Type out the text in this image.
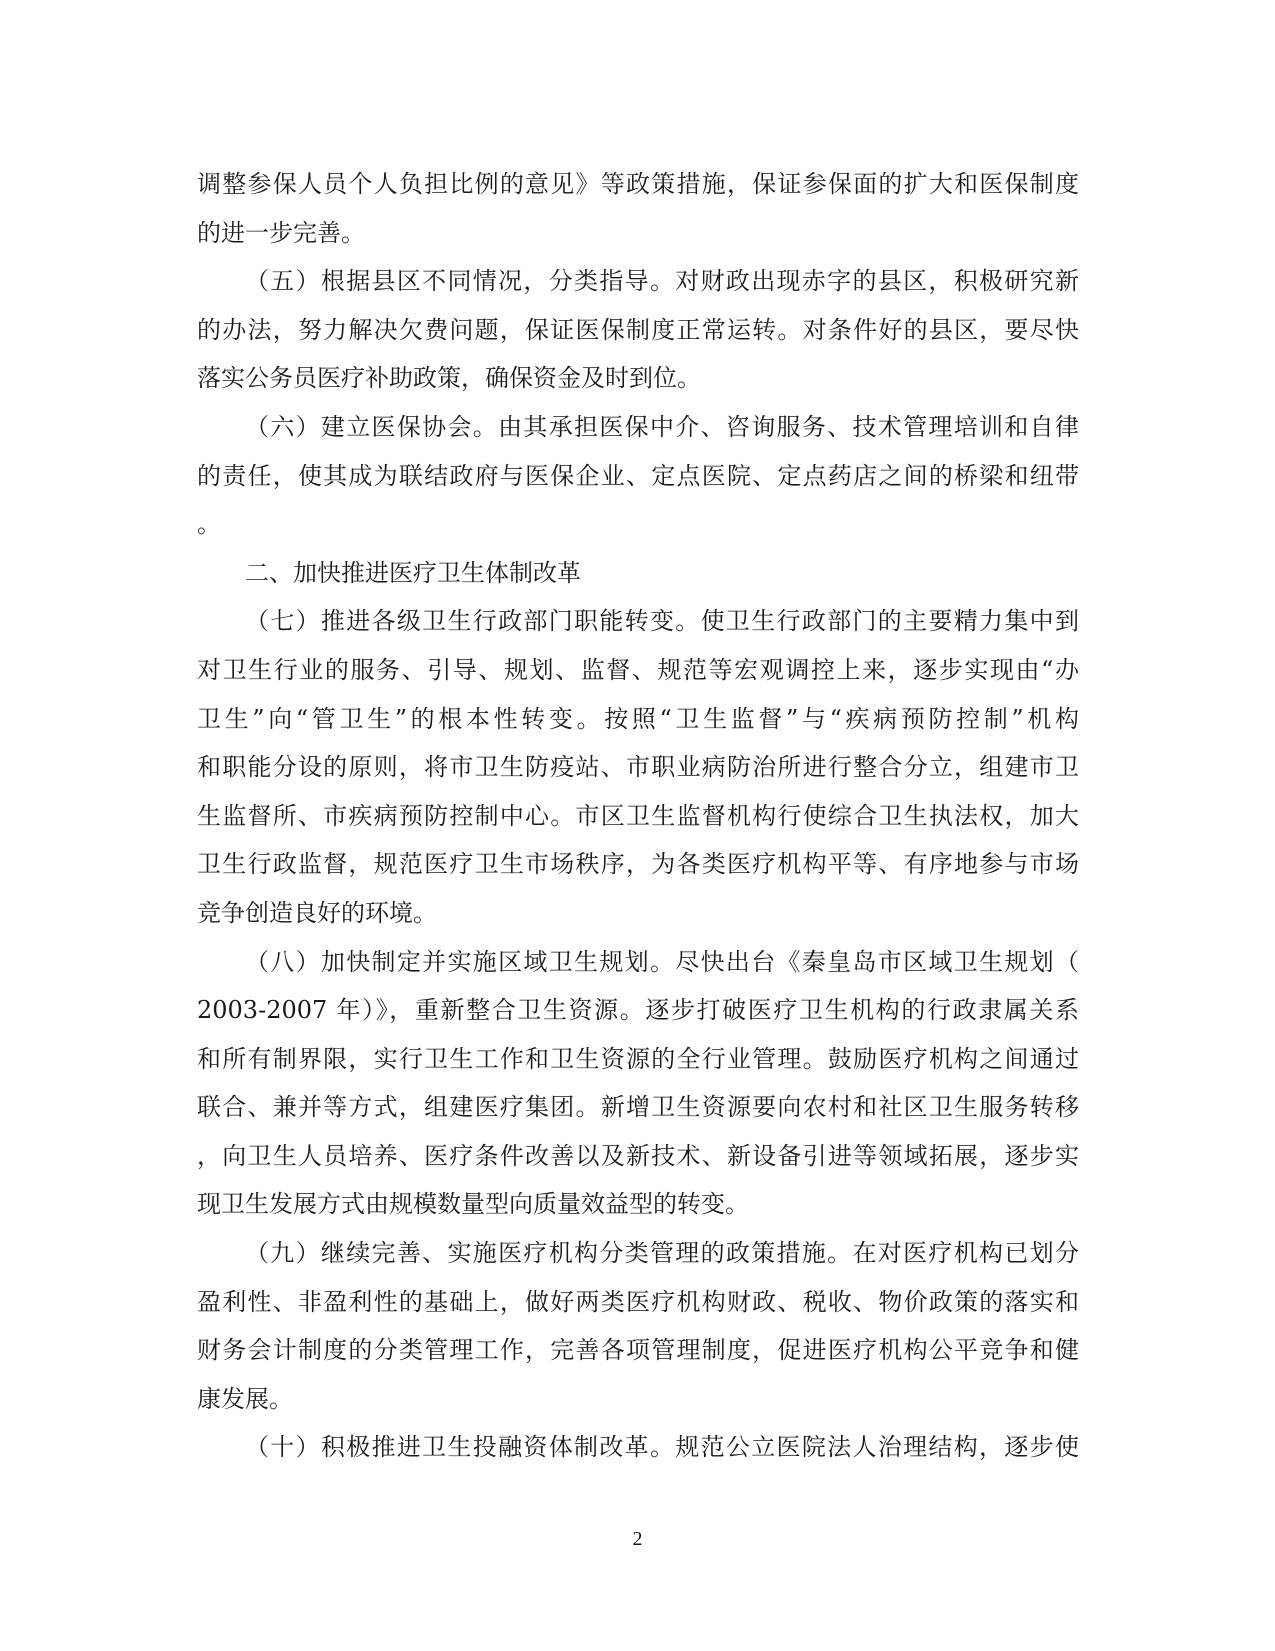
调整参保人员个人负担比例的意见》等政策措施，保证参保面的扩大和医保制度
的进一步完善。
（五）根据县区不同情况，分类指导。对财政出现赤字的县区，积极研究新
的办法，努力解决欠费问题，保证医保制度正常运转。对条件好的县区，要尽快
落实公务员医疗补助政策，确保资金及时到位。
（六）建立医保协会。由其承担医保中介、咨询服务、技术管理培训和自律
的责任，使其成为联结政府与医保企业、定点医院、定点药店之间的桥梁和纽带
。
二、加快推进医疗卫生体制改革
（七）推进各级卫生行政部门职能转变。使卫生行政部门的主要精力集中到
对卫生行业的服务、引导、规划、监督、规范等宏观调控上来，逐步实现由“办
卫生”向“管卫生”的根本性转变。按照“卫生监督”与“疾病预防控制”机构
和职能分设的原则，将市卫生防疫站、市职业病防治所进行整合分立，组建市卫
生监督所、市疾病预防控制中心。市区卫生监督机构行使综合卫生执法权，加大
卫生行政监督，规范医疗卫生市场秩序，为各类医疗机构平等、有序地参与市场
竞争创造良好的环境。
（八）加快制定并实施区域卫生规划。尽快出台《秦皇岛市区域卫生规划（
2003-2007 年）》，重新整合卫生资源。逐步打破医疗卫生机构的行政隶属关系
和所有制界限，实行卫生工作和卫生资源的全行业管理。鼓励医疗机构之间通过
联合、兼并等方式，组建医疗集团。新增卫生资源要向农村和社区卫生服务转移
，向卫生人员培养、医疗条件改善以及新技术、新设备引进等领域拓展，逐步实
现卫生发展方式由规模数量型向质量效益型的转变。
（九）继续完善、实施医疗机构分类管理的政策措施。在对医疗机构已划分
盈利性、非盈利性的基础上，做好两类医疗机构财政、税收、物价政策的落实和
财务会计制度的分类管理工作，完善各项管理制度，促进医疗机构公平竞争和健
康发展。
（十）积极推进卫生投融资体制改革。规范公立医院法人治理结构，逐步使
2
